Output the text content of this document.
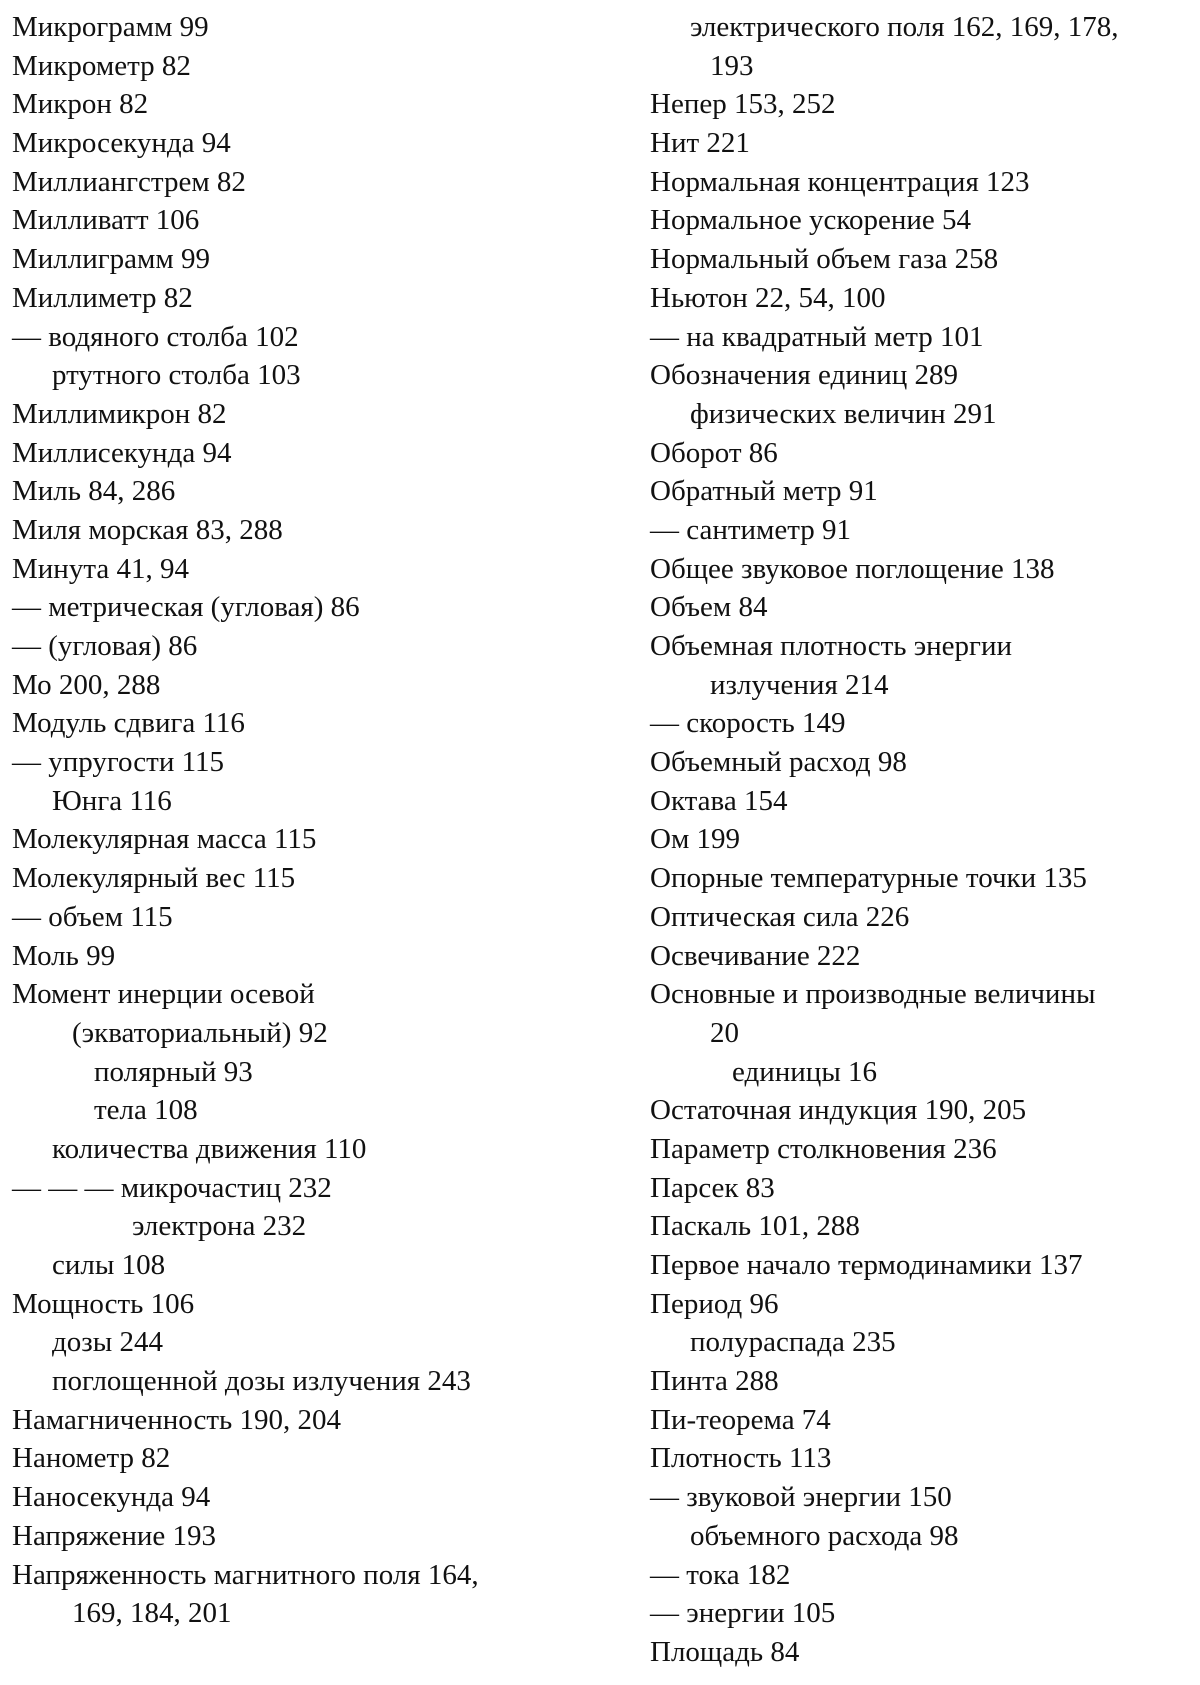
Микрограмм 99
Микрометр 82
Микрон 82
Микросекунда 94
Миллиангстрем 82
Милливатт 106
Миллиграмм 99
Миллиметр 82
— водяного столба 102
ртутного столба 103
Миллимикрон 82
Миллисекунда 94
Миль 84, 286
Миля морская 83, 288
Минута 41, 94
— метрическая (угловая) 86
— (угловая) 86
Мо 200, 288
Модуль сдвига 116
— упругости 115
Юнга 116
Молекулярная масса 115
Молекулярный вес 115
— объем 115
Моль 99
Момент инерции осевой
(экваториальный) 92
полярный 93
тела 108
количества движения 110
— — — микрочастиц 232
электрона 232
силы 108
Мощность 106
дозы 244
поглощенной дозы излучения 243
Намагниченность 190, 204
Нанометр 82
Наносекунда 94
Напряжение 193
Напряженность магнитного поля 164,
169, 184, 201
электрического поля 162, 169, 178,
193
Непер 153, 252
Нит 221
Нормальная концентрация 123
Нормальное ускорение 54
Нормальный объем газа 258
Ньютон 22, 54, 100
— на квадратный метр 101
Обозначения единиц 289
физических величин 291
Оборот 86
Обратный метр 91
— сантиметр 91
Общее звуковое поглощение 138
Объем 84
Объемная плотность энергии
излучения 214
— скорость 149
Объемный расход 98
Октава 154
Ом 199
Опорные температурные точки 135
Оптическая сила 226
Освечивание 222
Основные и производные величины
20
единицы 16
Остаточная индукция 190, 205
Параметр столкновения 236
Парсек 83
Паскаль 101, 288
Первое начало термодинамики 137
Период 96
полураспада 235
Пинта 288
Пи-теорема 74
Плотность 113
— звуковой энергии 150
объемного расхода 98
— тока 182
— энергии 105
Площадь 84
